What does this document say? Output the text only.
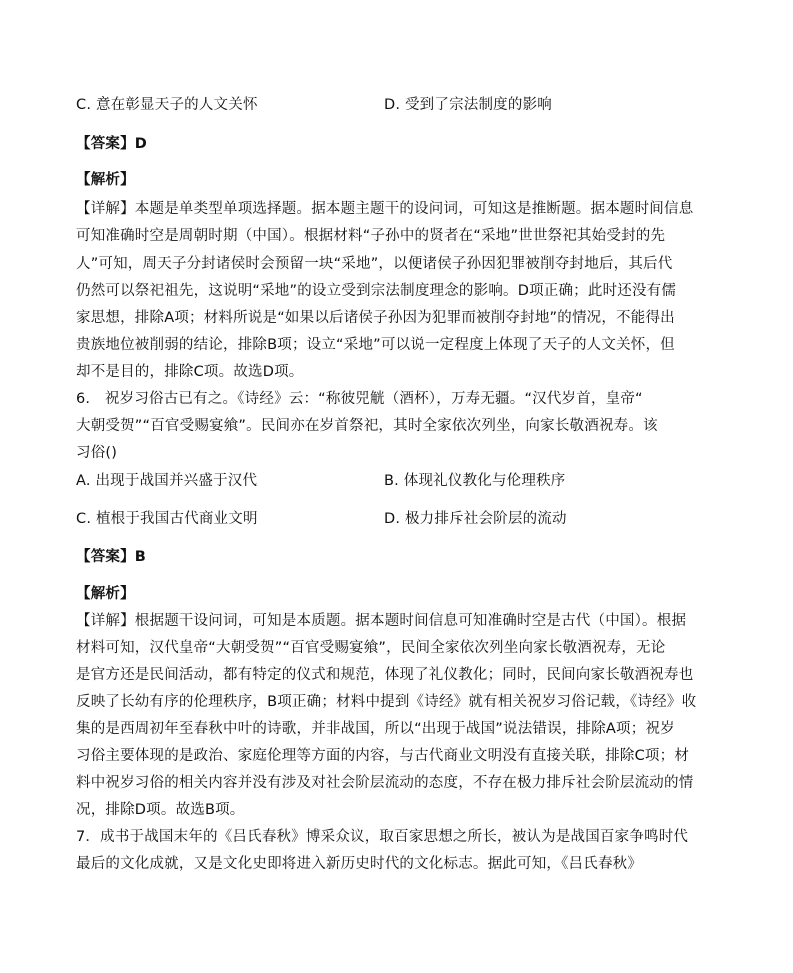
C. 意在彰显天子的人文关怀	D. 受到了宗法制度的影响
【答案】D
【解析】
【详解】本题是单类型单项选择题。据本题主题干的设问词，可知这是推断题。据本题时间信息
可知准确时空是周朝时期（中国）。根据材料“子孙中的贤者在“采地”世世祭祀其始受封的先
人”可知，周天子分封诸侯时会预留一块“采地”，以便诸侯子孙因犯罪被削夺封地后，其后代
仍然可以祭祀祖先，这说明“采地”的设立受到宗法制度理念的影响。D项正确；此时还没有儒
家思想，排除A项；材料所说是“如果以后诸侯子孙因为犯罪而被削夺封地”的情况，不能得出
贵族地位被削弱的结论，排除B项；设立“采地”可以说一定程度上体现了天子的人文关怀，但
却不是目的，排除C项。故选D项。
6.　祝岁习俗古已有之。《诗经》云：“称彼兕觥（酒杯），万寿无疆。“汉代岁首，皇帝“
大朝受贺”“百官受赐宴飨”。民间亦在岁首祭祀，其时全家依次列坐，向家长敬酒祝寿。该
习俗()
A. 出现于战国并兴盛于汉代	B. 体现礼仪教化与伦理秩序
C. 植根于我国古代商业文明	D. 极力排斥社会阶层的流动
【答案】B
【解析】
【详解】根据题干设问词，可知是本质题。据本题时间信息可知准确时空是古代（中国）。根据
材料可知，汉代皇帝“大朝受贺”“百官受赐宴飨”，民间全家依次列坐向家长敬酒祝寿，无论
是官方还是民间活动，都有特定的仪式和规范，体现了礼仪教化；同时，民间向家长敬酒祝寿也
反映了长幼有序的伦理秩序，B项正确；材料中提到《诗经》就有相关祝岁习俗记载，《诗经》收
集的是西周初年至春秋中叶的诗歌，并非战国，所以“出现于战国”说法错误，排除A项；祝岁
习俗主要体现的是政治、家庭伦理等方面的内容，与古代商业文明没有直接关联，排除C项；材
料中祝岁习俗的相关内容并没有涉及对社会阶层流动的态度，不存在极力排斥社会阶层流动的情
况，排除D项。故选B项。
7．成书于战国末年的《吕氏春秋》博采众议，取百家思想之所长，被认为是战国百家争鸣时代
最后的文化成就，又是文化史即将进入新历史时代的文化标志。据此可知，《吕氏春秋》
